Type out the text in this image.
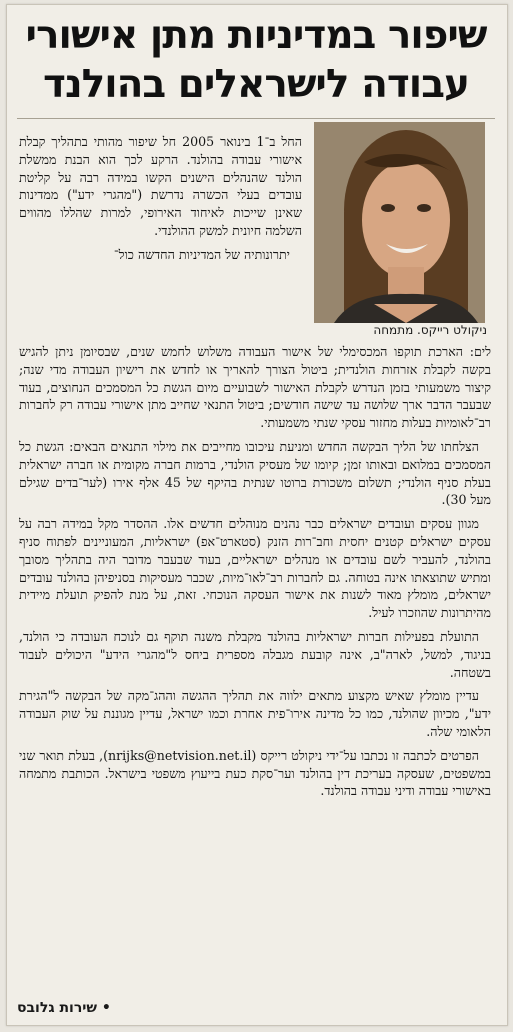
שיפור במדיניות מתן אישורי
עבודה לישראלים בהולנד
ניקולט רייקס. מתמחה

החל ב־1 בינואר 2005 חל שיפור מהותי בתהליך קבלת אישורי עבודה בהולנד. הרקע לכך הוא הבנת ממשלת הולנד שהנהלים הישנים הקשו במידה רבה על קליטת עובדים בעלי הכשרה נדרשת ("מהגרי ידע") ממדינות שאינן שייכות לאיחוד האירופי, למרות שהללו מהווים השלמה חיונית למשק ההולנדי.

יתרונותיה של המדיניות החדשה כול־

לים: הארכת תוקפו המכסימלי של אישור העבודה משלוש לחמש שנים, שבסיומן ניתן להגיש בקשה לקבלת אזרחות הולנדית; ביטול הצורך להאריך או לחדש את רישיון העבודה מדי שנה; קיצור משמעותי בזמן הנדרש לקבלת האישור לשבועיים מיום הגשת כל המסמכים הנחוצים, בעוד שבעבר הדבר ארך שלושה עד שישה חודשים; ביטול התנאי שחייב מתן אישורי עבודה רק לחברות רב־לאומיות בעלות מחזור עסקי שנתי משמעותי.

הצלחתו של הליך הבקשה החדש ומניעת עיכובו מחייבים את מילוי התנאים הבאים: הגשת כל המסמכים במלואם ובאותו זמן; קיומו של מעסיק הולנדי, ברמות חברה מקומית או חברה ישראלית בעלת סניף הולנדי; תשלום משכורת ברוטו שנתית בהיקף של 45 אלף אירו (לער־בדים שגילם מעל 30).

מגוון עסקים ועובדים ישראלים כבר נהנים מנוהלים חדשים אלו. ההסדר מקל במידה רבה על עסקים ישראלים קטנים יחסית וחב־רות הזנק (סטארט־אפ) ישראליות, המעוניינים לפתוח סניף בהולנד, להעביר לשם עובדים או מנהלים ישראליים, בעוד שבעבר מדובר היה בתהליך מסובך ומתיש שתוצאתו אינה בטוחה. גם לחברות רב־לאו־מיות, שכבר מעסיקות בסניפיהן בהולנד עובדים ישראלים, מומלץ מאוד לשנות את אישור העסקה הנוכחי. זאת, על מנת להפיק תועלת מיידית מהיתרונות שהוזכרו לעיל.

התועלת בפעילות חברות ישראליות בהולנד מקבלת משנה תוקף גם לנוכח העובדה כי הולנד, בניגוד, למשל, לארה"ב, אינה קובעת מגבלה מספרית ביחס ל"מהגרי הידע" היכולים לעבוד בשטחה.

עדיין מומלץ שאיש מקצוע מתאים ילווה את תהליך ההגשה וההג־מקה של הבקשה ל"הגירת ידע", מכיוון שהולנד, כמו כל מדינה אירו־פית אחרת וכמו ישראל, עדיין מגוננת על שוק העבודה הלאומי שלה.

הפרטים לכתבה זו נכתבו על־ידי ניקולט רייקס (nrijks@netvision.net.il), בעלת תואר שני במשפטים, שעסקה בעריכת דין בהולנד וער־סקת כעת בייעוץ משפטי בישראל. הכותבת מתמחה באישורי עבודה ודיני עבודה בהולנד.

• שירות גלובס
